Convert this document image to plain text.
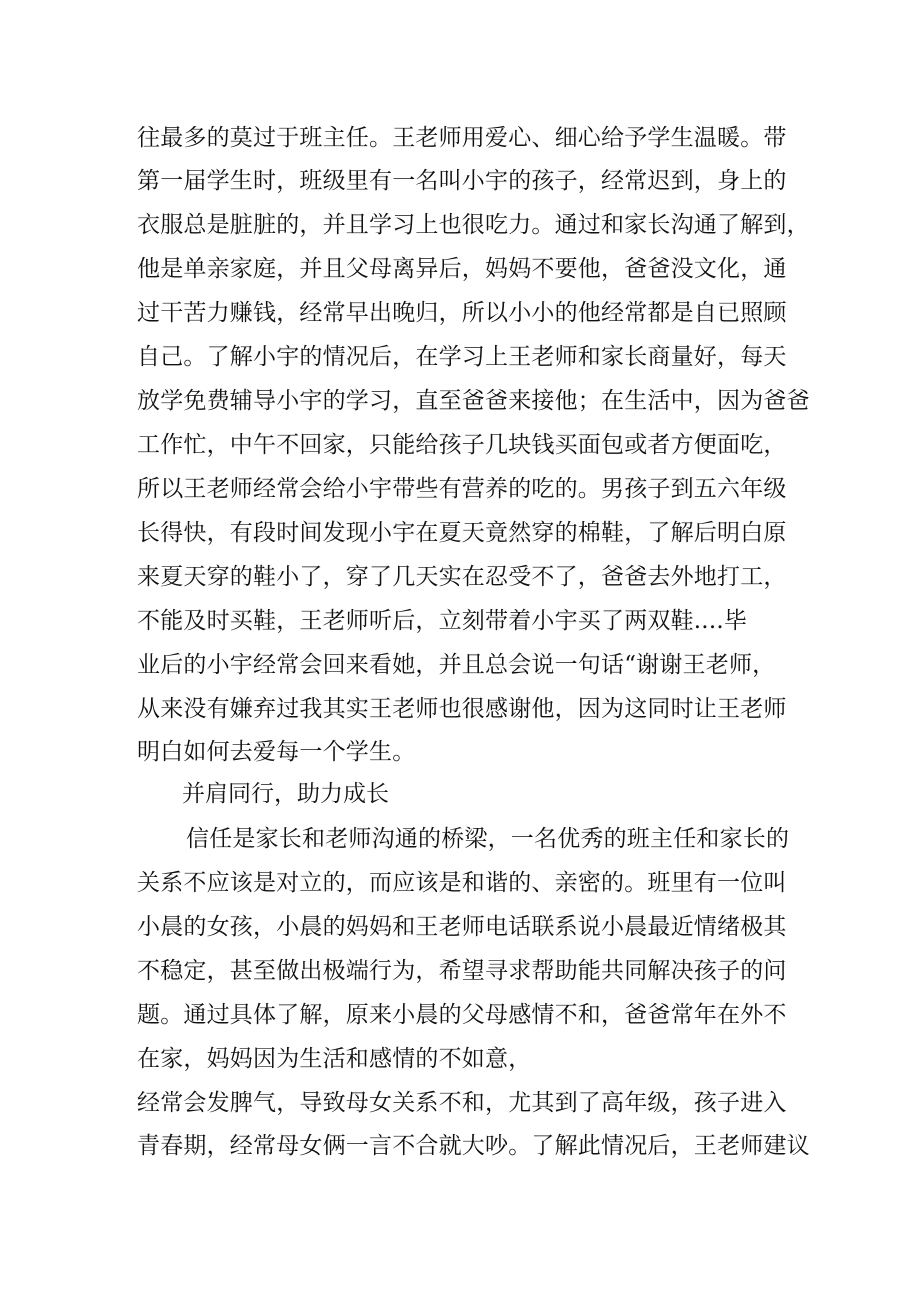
往最多的莫过于班主任。王老师用爱心、细心给予学生温暖。带
第一届学生时，班级里有一名叫小宇的孩子，经常迟到，身上的
衣服总是脏脏的，并且学习上也很吃力。通过和家长沟通了解到，
他是单亲家庭，并且父母离异后，妈妈不要他，爸爸没文化，通
过干苦力赚钱，经常早出晚归，所以小小的他经常都是自已照顾
自己。了解小宇的情况后，在学习上王老师和家长商量好，每天
放学免费辅导小宇的学习，直至爸爸来接他；在生活中，因为爸爸
工作忙，中午不回家，只能给孩子几块钱买面包或者方便面吃，
所以王老师经常会给小宇带些有营养的吃的。男孩子到五六年级
长得快，有段时间发现小宇在夏天竟然穿的棉鞋，了解后明白原
来夏天穿的鞋小了，穿了几天实在忍受不了，爸爸去外地打工，
不能及时买鞋，王老师听后，立刻带着小宇买了两双鞋....毕
业后的小宇经常会回来看她，并且总会说一句话“谢谢王老师，
从来没有嫌弃过我其实王老师也很感谢他，因为这同时让王老师
明白如何去爱每一个学生。
并肩同行，助力成长
信任是家长和老师沟通的桥梁，一名优秀的班主任和家长的
关系不应该是对立的，而应该是和谐的、亲密的。班里有一位叫
小晨的女孩，小晨的妈妈和王老师电话联系说小晨最近情绪极其
不稳定，甚至做出极端行为，希望寻求帮助能共同解决孩子的问
题。通过具体了解，原来小晨的父母感情不和，爸爸常年在外不
在家，妈妈因为生活和感情的不如意，
经常会发脾气，导致母女关系不和，尤其到了高年级，孩子进入
青春期，经常母女俩一言不合就大吵。了解此情况后，王老师建议
